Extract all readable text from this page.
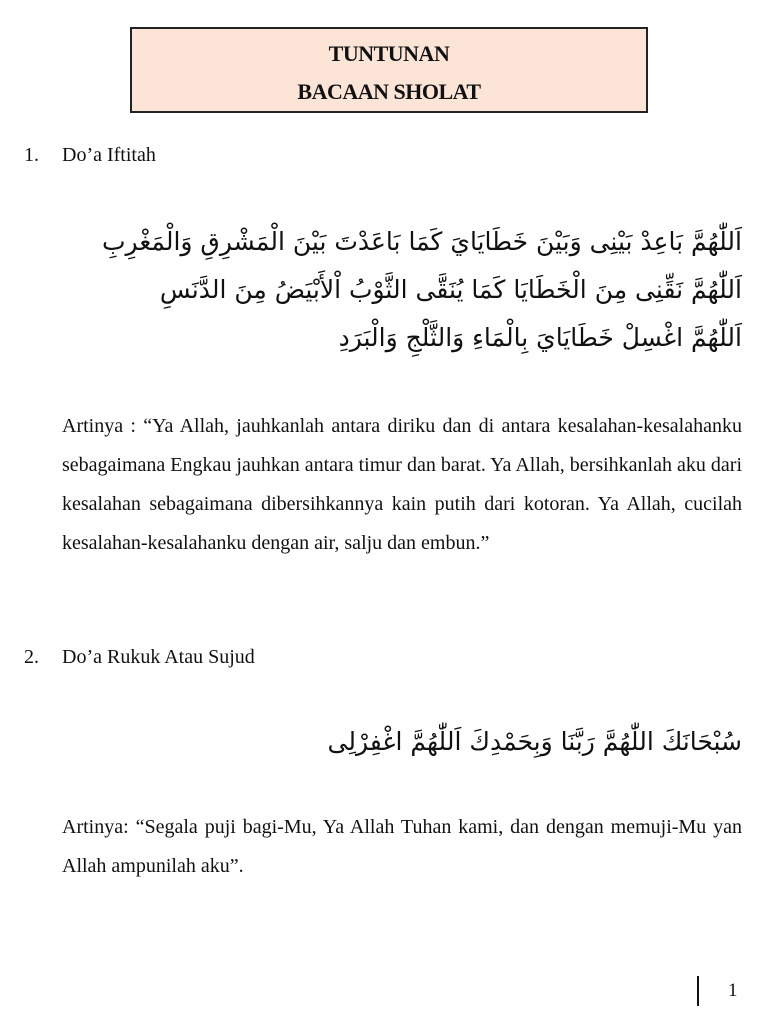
TUNTUNAN
BACAAN SHOLAT
1. Do’a Iftitah
اَللّٰهُمَّ بَاعِدْ بَيْنِى وَبَيْنَ خَطَايَايَ كَمَا بَاعَدْتَ بَيْنَ الْمَشْرِقِ وَالْمَغْرِبِ
اَللّٰهُمَّ نَقِّنِى مِنَ الْخَطَايَا كَمَا يُنَقَّى الثَّوْبُ اْلأَبْيَضُ مِنَ الدَّنَسِ
اَللّٰهُمَّ اغْسِلْ خَطَايَايَ بِالْمَاءِ وَالثَّلْجِ وَالْبَرَدِ
Artinya : “Ya Allah, jauhkanlah antara diriku dan di antara kesalahan-kesalahanku sebagaimana Engkau jauhkan antara timur dan barat. Ya Allah, bersihkanlah aku dari kesalahan sebagaimana dibersihkannya kain putih dari kotoran. Ya Allah, cucilah kesalahan-kesalahanku dengan air, salju dan embun.”
2. Do’a Rukuk Atau Sujud
سُبْحَانَكَ اللّٰهُمَّ رَبَّنَا وَبِحَمْدِكَ اَللّٰهُمَّ اغْفِرْلِى
Artinya: “Segala puji bagi-Mu, Ya Allah Tuhan kami, dan dengan memuji-Mu yan Allah ampunilah aku”.
1
